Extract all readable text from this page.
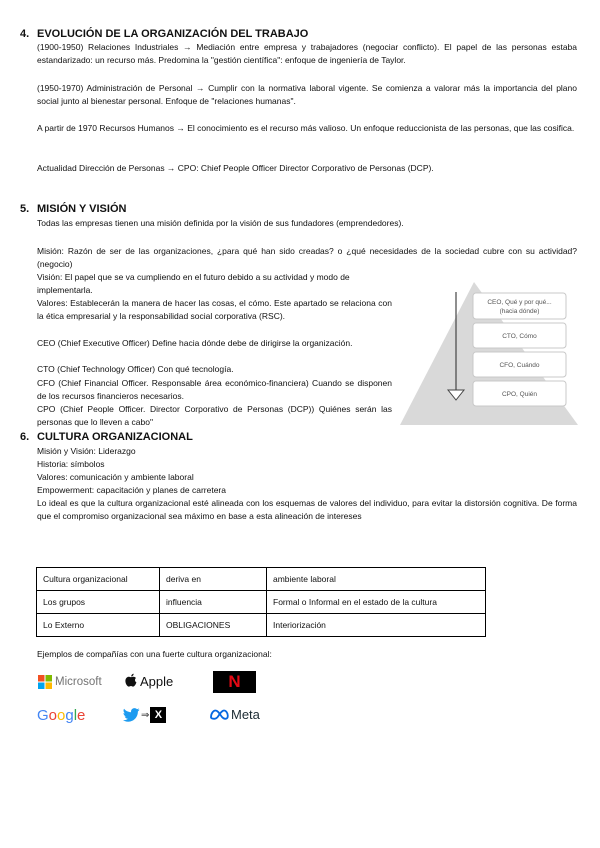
4. EVOLUCIÓN DE LA ORGANIZACIÓN DEL TRABAJO

(1900-1950) Relaciones Industriales → Mediación entre empresa y trabajadores (negociar conflicto). El papel de las personas estaba estandarizado: un recurso más. Predomina la "gestión científica": enfoque de ingeniería de Taylor.

(1950-1970) Administración de Personal → Cumplir con la normativa laboral vigente. Se comienza a valorar más la importancia del plano social junto al bienestar personal. Enfoque de "relaciones humanas".

A partir de 1970 Recursos Humanos → El conocimiento es el recurso más valioso. Un enfoque reduccionista de las personas, que las cosifica.

Actualidad Dirección de Personas → CPO: Chief People Officer Director Corporativo de Personas (DCP).

5. MISIÓN Y VISIÓN

Todas las empresas tienen una misión definida por la visión de sus fundadores (emprendedores).

Misión: Razón de ser de las organizaciones, ¿para qué han sido creadas? o ¿qué necesidades de la sociedad cubre con su actividad? (negocio)

Visión: El papel que se va cumpliendo en el futuro debido a su actividad y modo de implementarla.

Valores: Establecerán la manera de hacer las cosas, el cómo. Este apartado se relaciona con la ética empresarial y la responsabilidad social corporativa (RSC).

CEO (Chief Executive Officer) Define hacia dónde debe de dirigirse la organización.

CTO (Chief Technology Officer) Con qué tecnología.

CFO (Chief Financial Officer. Responsable área económico-financiera) Cuando se disponen de los recursos financieros necesarios.

CPO (Chief People Officer. Director Corporativo de Personas (DCP)) Quiénes serán las personas que lo lleven a cabo"

CEO, Qué y por qué...
(hacia dónde)
CTO, Cómo
CFO, Cuándo
CPO, Quién
6. CULTURA ORGANIZACIONAL

Misión y Visión: Liderazgo

Historia: símbolos

Valores: comunicación y ambiente laboral

Empowerment: capacitación y planes de carretera

Lo ideal es que la cultura organizacional esté alineada con los esquemas de valores del individuo, para evitar la distorsión cognitiva. De forma que el compromiso organizacional sea máximo en base a esta alineación de intereses

Cultura organizacional	deriva en	ambiente laboral
Los grupos	influencia	Formal o Informal en el estado de la cultura
Lo Externo	OBLIGACIONES	Interiorización

Ejemplos de compañías con una fuerte cultura organizacional:

Microsoft	Apple	N
G o o g l e	⇒ X	Meta
